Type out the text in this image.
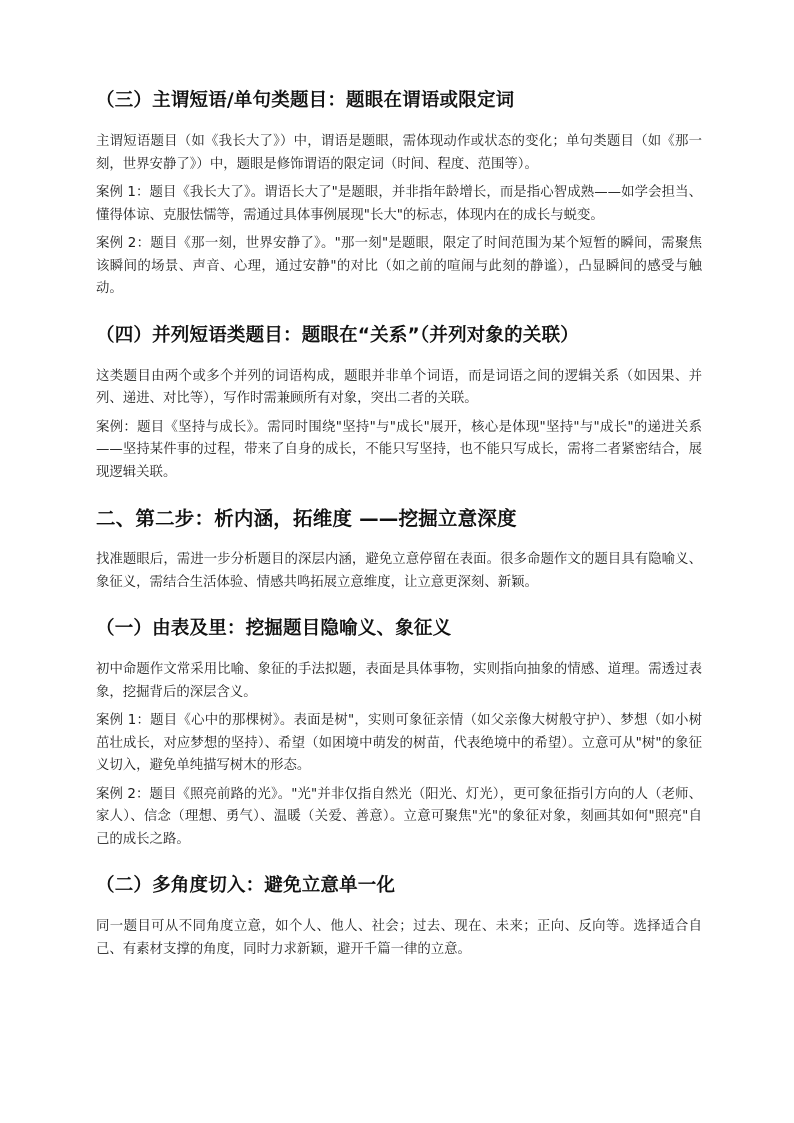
（三）主谓短语/单句类题目：题眼在谓语或限定词

主谓短语题目（如《我长大了》）中，谓语是题眼，需体现动作或状态的变化；单句类题目（如《那一刻，世界安静了》）中，题眼是修饰谓语的限定词（时间、程度、范围等）。

案例 1：题目《我长大了》。谓语长大了"是题眼，并非指年龄增长，而是指心智成熟——如学会担当、懂得体谅、克服怯懦等，需通过具体事例展现"长大"的标志，体现内在的成长与蜕变。

案例 2：题目《那一刻，世界安静了》。"那一刻"是题眼，限定了时间范围为某个短暂的瞬间，需聚焦该瞬间的场景、声音、心理，通过安静"的对比（如之前的喧闹与此刻的静谧），凸显瞬间的感受与触动。

（四）并列短语类题目：题眼在“关系”（并列对象的关联）

这类题目由两个或多个并列的词语构成，题眼并非单个词语，而是词语之间的逻辑关系（如因果、并列、递进、对比等），写作时需兼顾所有对象，突出二者的关联。

案例：题目《坚持与成长》。需同时围绕"坚持"与"成长"展开，核心是体现"坚持"与"成长"的递进关系——坚持某件事的过程，带来了自身的成长，不能只写坚持，也不能只写成长，需将二者紧密结合，展现逻辑关联。

二、第二步：析内涵，拓维度 ——挖掘立意深度

找准题眼后，需进一步分析题目的深层内涵，避免立意停留在表面。很多命题作文的题目具有隐喻义、象征义，需结合生活体验、情感共鸣拓展立意维度，让立意更深刻、新颖。

（一）由表及里：挖掘题目隐喻义、象征义

初中命题作文常采用比喻、象征的手法拟题，表面是具体事物，实则指向抽象的情感、道理。需透过表象，挖掘背后的深层含义。

案例 1：题目《心中的那棵树》。表面是树"，实则可象征亲情（如父亲像大树般守护）、梦想（如小树茁壮成长，对应梦想的坚持）、希望（如困境中萌发的树苗，代表绝境中的希望）。立意可从"树"的象征义切入，避免单纯描写树木的形态。

案例 2：题目《照亮前路的光》。"光"并非仅指自然光（阳光、灯光），更可象征指引方向的人（老师、家人）、信念（理想、勇气）、温暖（关爱、善意）。立意可聚焦"光"的象征对象，刻画其如何"照亮"自己的成长之路。

（二）多角度切入：避免立意单一化

同一题目可从不同角度立意，如个人、他人、社会；过去、现在、未来；正向、反向等。选择适合自己、有素材支撑的角度，同时力求新颖，避开千篇一律的立意。
